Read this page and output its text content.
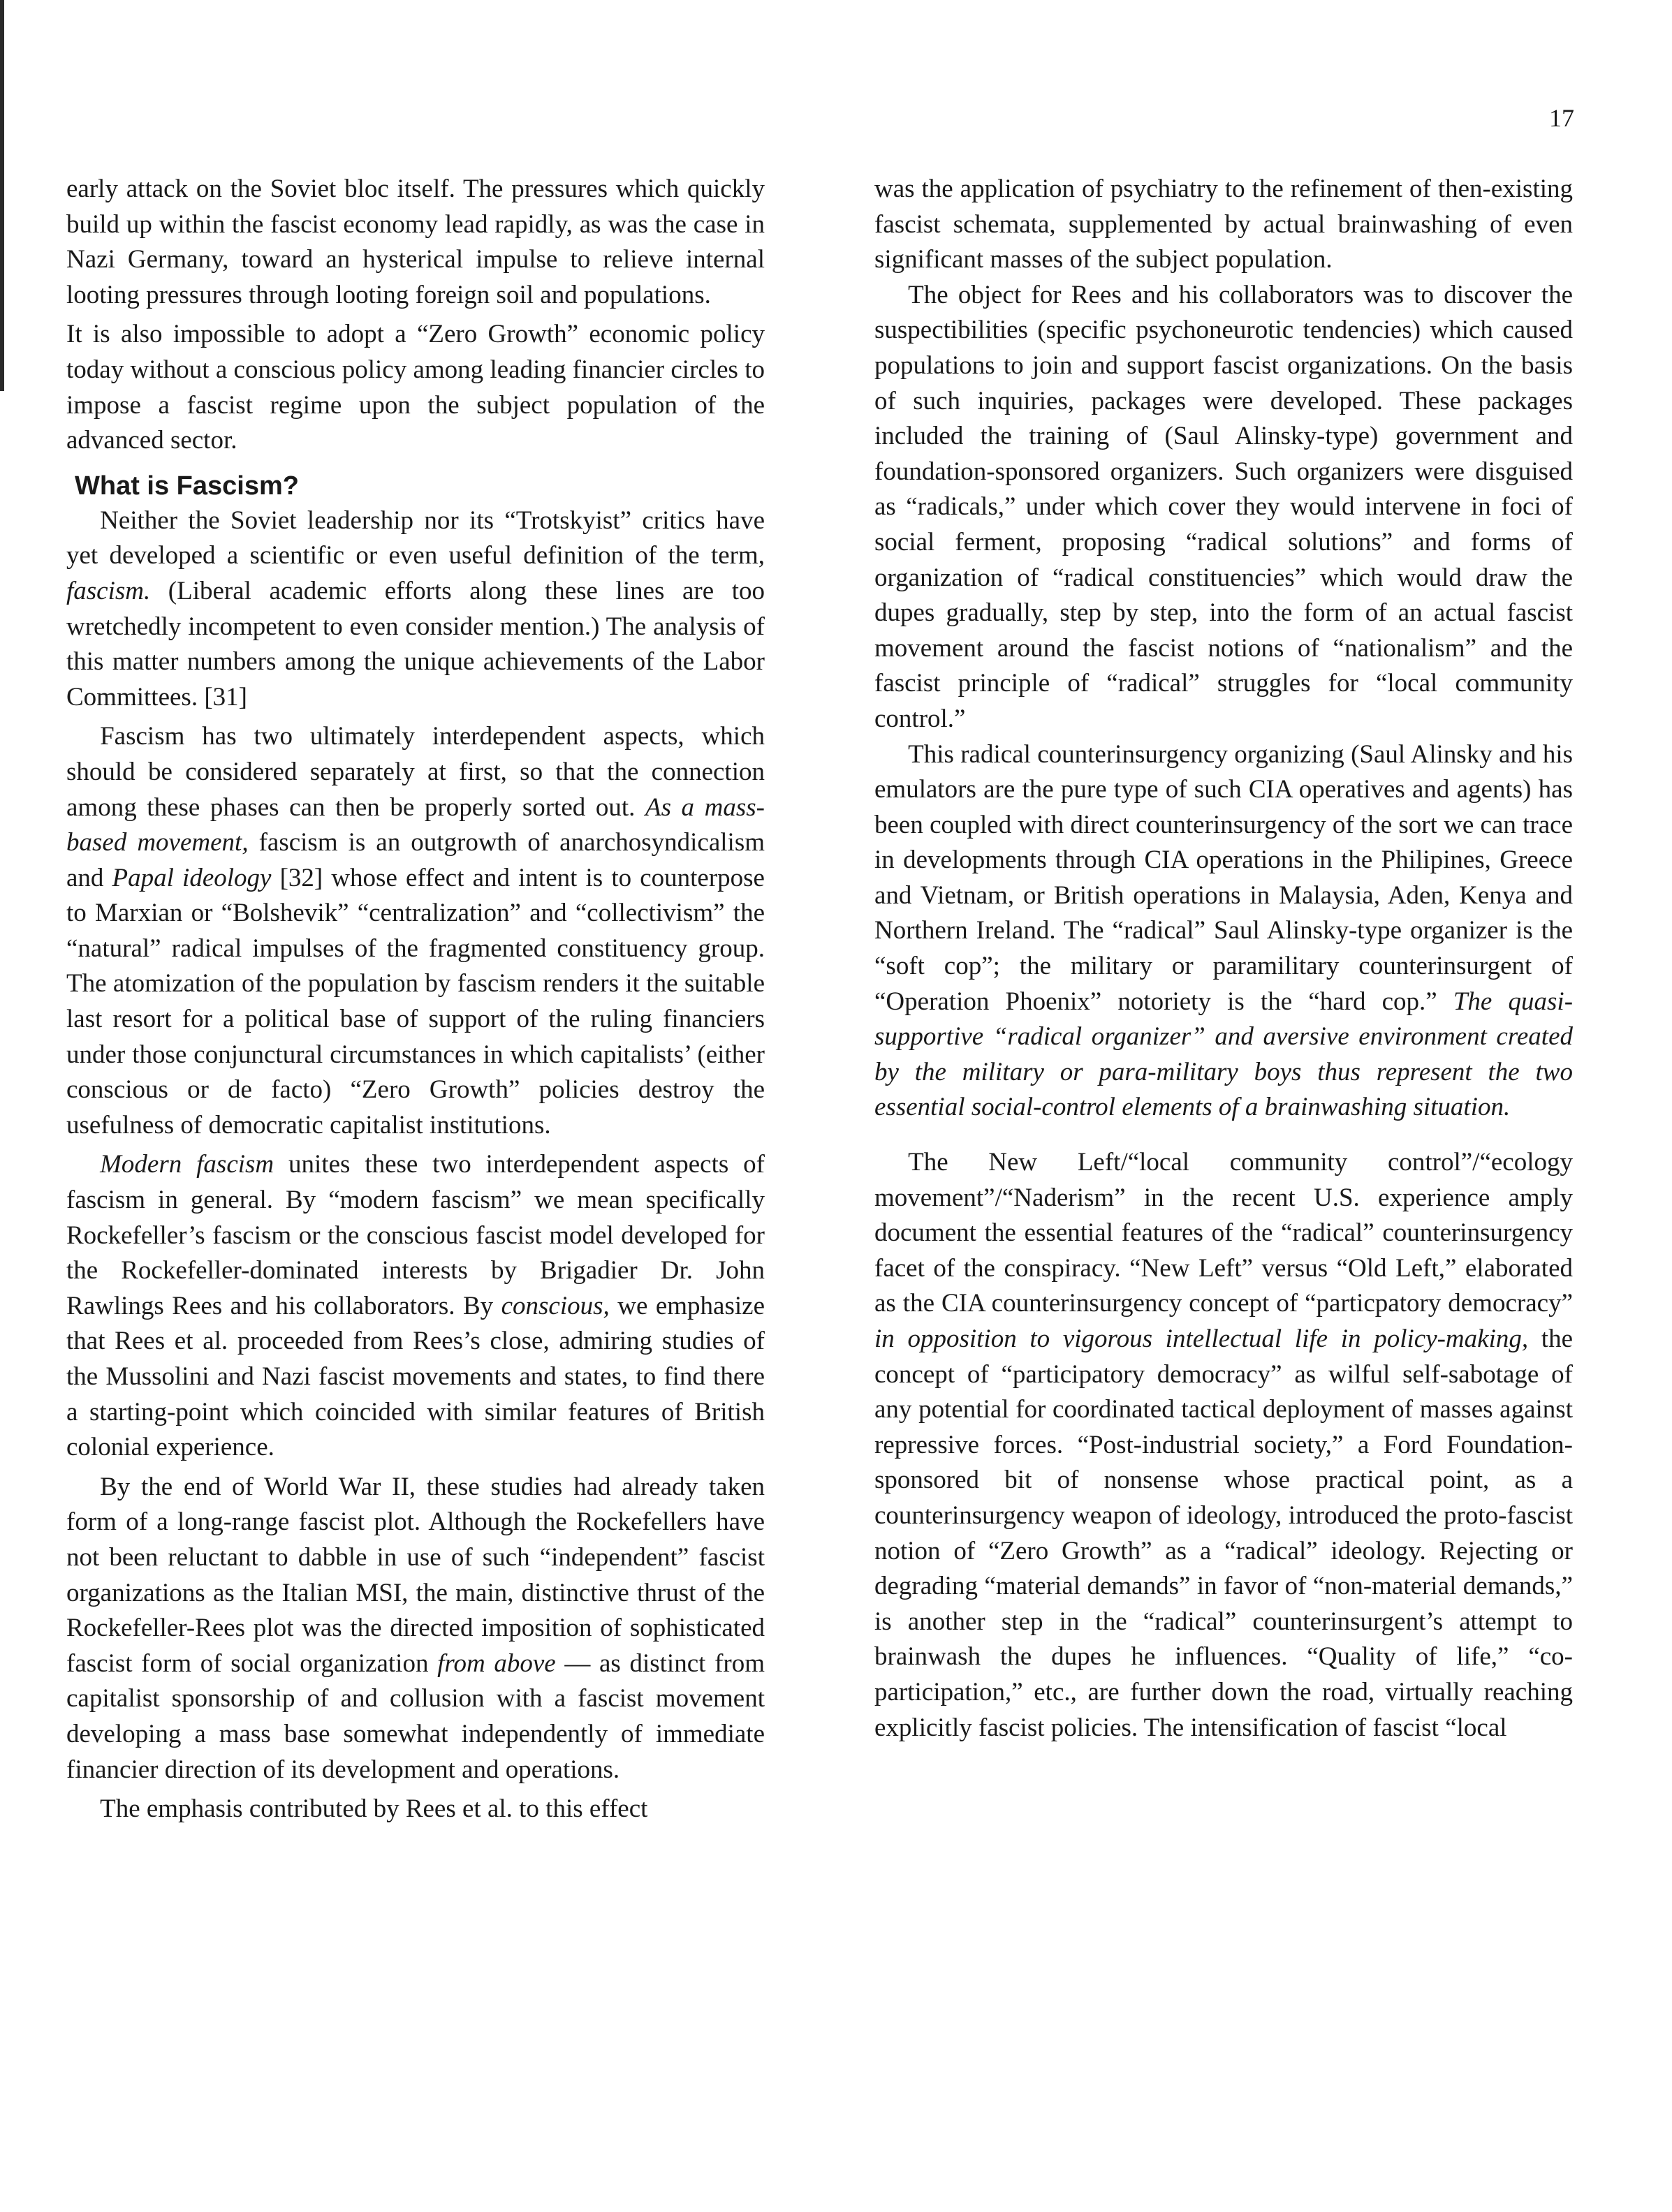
17

early attack on the Soviet bloc itself. The pressures which quickly build up within the fascist economy lead rapidly, as was the case in Nazi Germany, toward an hysterical impulse to relieve internal looting pressures through looting foreign soil and populations.

It is also impossible to adopt a “Zero Growth” economic policy today without a conscious policy among leading financier circles to impose a fascist regime upon the subject population of the advanced sector.

What is Fascism?

Neither the Soviet leadership nor its “Trotskyist” critics have yet developed a scientific or even useful definition of the term, fascism. (Liberal academic efforts along these lines are too wretchedly incompetent to even consider mention.) The analysis of this matter numbers among the unique achievements of the Labor Committees. [31]

Fascism has two ultimately interdependent aspects, which should be considered separately at first, so that the connection among these phases can then be properly sorted out. As a mass-based movement, fascism is an outgrowth of anarchosyndicalism and Papal ideology [32] whose effect and intent is to counterpose to Marxian or “Bolshevik” “centralization” and “collectivism” the “natural” radical impulses of the fragmented constituency group. The atomization of the population by fascism renders it the suitable last resort for a political base of support of the ruling financiers under those conjunctural circumstances in which capitalists’ (either conscious or de facto) “Zero Growth” policies destroy the usefulness of democratic capitalist institutions.

Modern fascism unites these two interdependent aspects of fascism in general. By “modern fascism” we mean specifically Rockefeller’s fascism or the conscious fascist model developed for the Rockefeller-dominated interests by Brigadier Dr. John Rawlings Rees and his collaborators. By conscious, we emphasize that Rees et al. proceeded from Rees’s close, admiring studies of the Mussolini and Nazi fascist movements and states, to find there a starting-point which coincided with similar features of British colonial experience.

By the end of World War II, these studies had already taken form of a long-range fascist plot. Although the Rockefellers have not been reluctant to dabble in use of such “independent” fascist organizations as the Italian MSI, the main, distinctive thrust of the Rockefeller-Rees plot was the directed imposition of sophisticated fascist form of social organization from above — as distinct from capitalist sponsorship of and collusion with a fascist movement developing a mass base somewhat independently of immediate financier direction of its development and operations.

The emphasis contributed by Rees et al. to this effect

was the application of psychiatry to the refinement of then-existing fascist schemata, supplemented by actual brainwashing of even significant masses of the subject population.

The object for Rees and his collaborators was to discover the suspectibilities (specific psychoneurotic tendencies) which caused populations to join and support fascist organizations. On the basis of such inquiries, packages were developed. These packages included the training of (Saul Alinsky-type) government and foundation-sponsored organizers. Such organizers were disguised as “radicals,” under which cover they would intervene in foci of social ferment, proposing “radical solutions” and forms of organization of “radical constituencies” which would draw the dupes gradually, step by step, into the form of an actual fascist movement around the fascist notions of “nationalism” and the fascist principle of “radical” struggles for “local community control.”

This radical counterinsurgency organizing (Saul Alinsky and his emulators are the pure type of such CIA operatives and agents) has been coupled with direct counterinsurgency of the sort we can trace in developments through CIA operations in the Philipines, Greece and Vietnam, or British operations in Malaysia, Aden, Kenya and Northern Ireland. The “radical” Saul Alinsky-type organizer is the “soft cop”; the military or paramilitary counterinsurgent of “Operation Phoenix” notoriety is the “hard cop.” The quasi-supportive “radical organizer” and aversive environment created by the military or para-military boys thus represent the two essential social-control elements of a brainwashing situation.

The New Left/“local community control”/“ecology movement”/“Naderism” in the recent U.S. experience amply document the essential features of the “radical” counterinsurgency facet of the conspiracy. “New Left” versus “Old Left,” elaborated as the CIA counterinsurgency concept of “particpatory democracy” in opposition to vigorous intellectual life in policy-making, the concept of “participatory democracy” as wilful self-sabotage of any potential for coordinated tactical deployment of masses against repressive forces. “Post-industrial society,” a Ford Foundation-sponsored bit of nonsense whose practical point, as a counterinsurgency weapon of ideology, introduced the proto-fascist notion of “Zero Growth” as a “radical” ideology. Rejecting or degrading “material demands” in favor of “non-material demands,” is another step in the “radical” counterinsurgent’s attempt to brainwash the dupes he influences. “Quality of life,” “co-participation,” etc., are further down the road, virtually reaching explicitly fascist policies. The intensification of fascist “local
